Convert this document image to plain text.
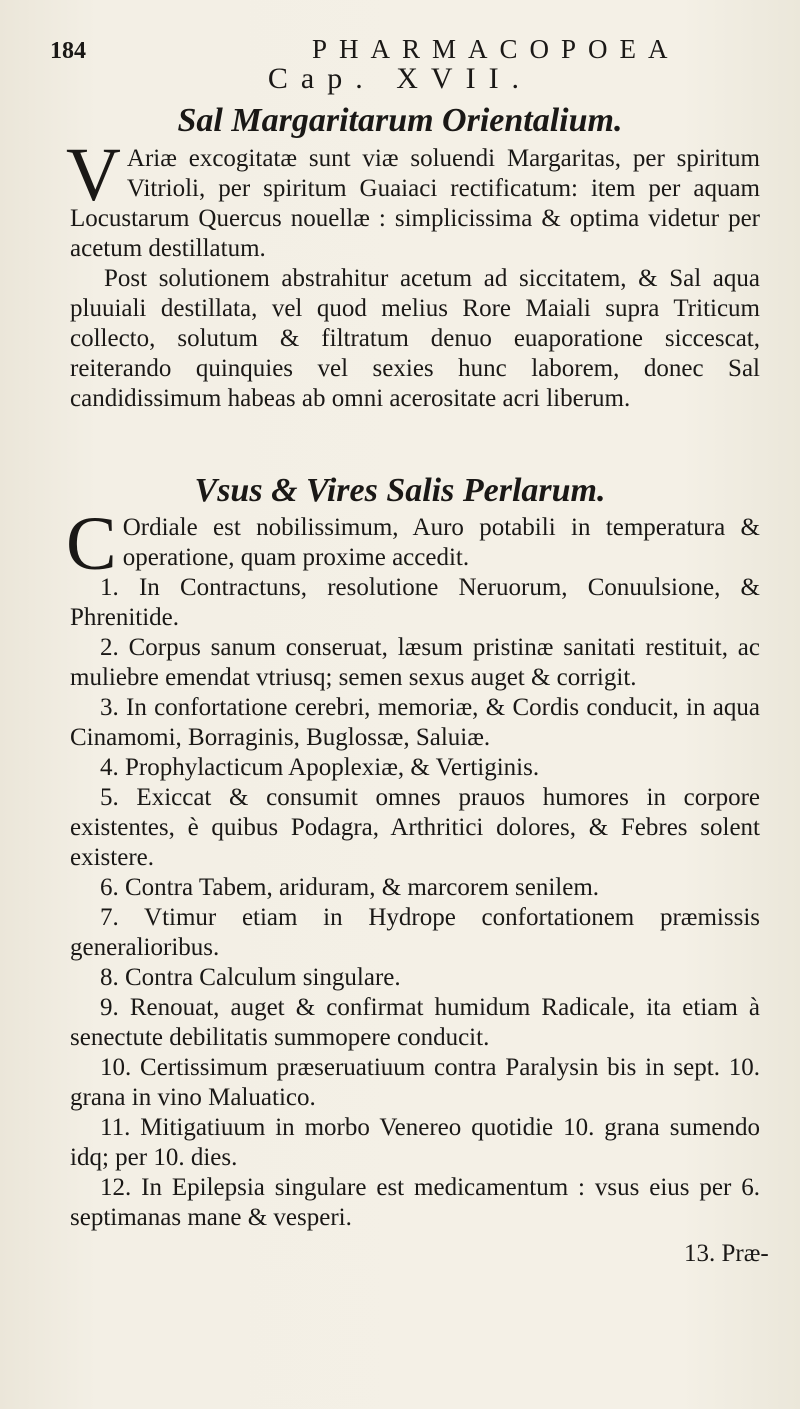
184	PHARMACOPOEA
Cap. XVII.
Sal Margaritarum Orientalium.

V Ariæ excogitatæ sunt viæ soluendi Margaritas, per spiritum Vitrioli, per spiritum Guaiaci rectificatum: item per aquam Locustarum Quercus nouellæ : simplicissima & optima videtur per acetum destillatum.

Post solutionem abstrahitur acetum ad siccitatem, & Sal aqua pluuiali destillata, vel quod melius Rore Maiali supra Triticum collecto, solutum & filtratum denuo euaporatione siccescat, reiterando quinquies vel sexies hunc laborem, donec Sal candidissimum habeas ab omni acerositate acri liberum.

Vsus & Vires Salis Perlarum.

C Ordiale est nobilissimum, Auro potabili in temperatura & operatione, quam proxime accedit.

1. In Contractuns, resolutione Neruorum, Conuulsione, & Phrenitide.

2. Corpus sanum conseruat, læsum pristinæ sanitati restituit, ac muliebre emendat vtriusq; semen sexus auget & corrigit.

3. In confortatione cerebri, memoriæ, & Cordis conducit, in aqua Cinamomi, Borraginis, Buglossæ, Saluiæ.

4. Prophylacticum Apoplexiæ, & Vertiginis.

5. Exiccat & consumit omnes prauos humores in corpore existentes, è quibus Podagra, Arthritici dolores, & Febres solent existere.

6. Contra Tabem, ariduram, & marcorem senilem.

7. Vtimur etiam in Hydrope confortationem præmissis generalioribus.

8. Contra Calculum singulare.

9. Renouat, auget & confirmat humidum Radicale, ita etiam à senectute debilitatis summopere conducit.

10. Certissimum præseruatiuum contra Paralysin bis in sept. 10. grana in vino Maluatico.

11. Mitigatiuum in morbo Venereo quotidie 10. grana sumendo idq; per 10. dies.

12. In Epilepsia singulare est medicamentum : vsus eius per 6. septimanas mane & vesperi.

13. Præ-
